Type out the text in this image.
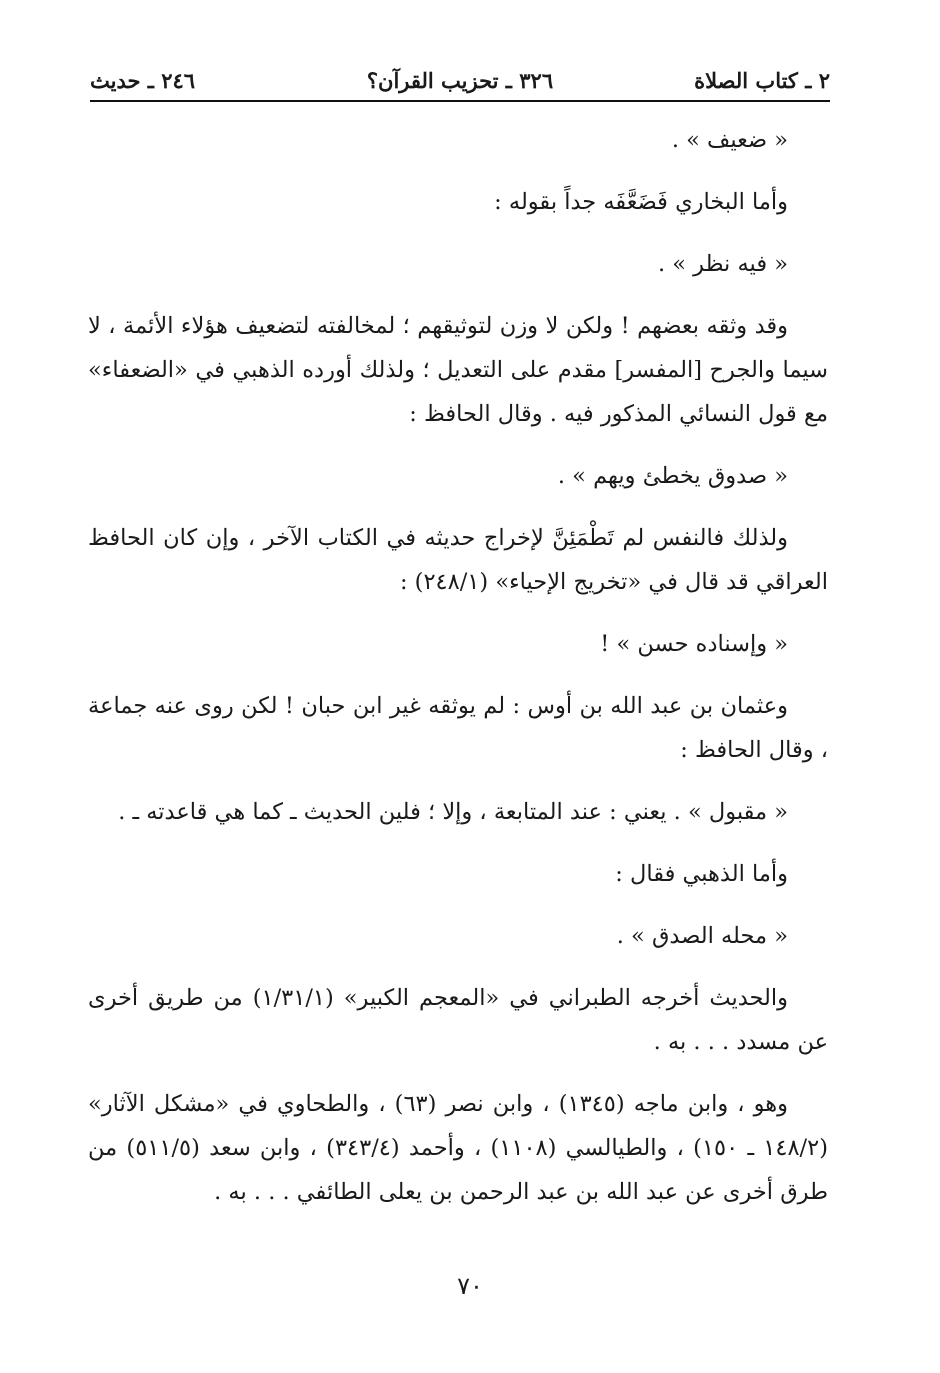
٢ ـ كتاب الصلاة
٣٢٦ ـ تحزيب القرآن؟
٢٤٦ ـ حديث

« ضعيف » .

وأما البخاري فَضَعَّفَه جداً بقوله :

« فيه نظر » .

وقد وثقه بعضهم ! ولكن لا وزن لتوثيقهم ؛ لمخالفته لتضعيف هؤلاء الأئمة ، لا سيما والجرح [المفسر] مقدم على التعديل ؛ ولذلك أورده الذهبي في «الضعفاء» مع قول النسائي المذكور فيه . وقال الحافظ :

« صدوق يخطئ ويهم » .

ولذلك فالنفس لم تَطْمَئِنَّ لإخراج حديثه في الكتاب الآخر ، وإن كان الحافظ العراقي قد قال في «تخريج الإحياء» (٢٤٨/١) :

« وإسناده حسن » !

وعثمان بن عبد الله بن أوس : لم يوثقه غير ابن حبان ! لكن روى عنه جماعة ، وقال الحافظ :

« مقبول » . يعني : عند المتابعة ، وإلا ؛ فلين الحديث ـ كما هي قاعدته ـ .

وأما الذهبي فقال :

« محله الصدق » .

والحديث أخرجه الطبراني في «المعجم الكبير» (١/٣١/١) من طريق أخرى عن مسدد . . . به .

وهو ، وابن ماجه (١٣٤٥) ، وابن نصر (٦٣) ، والطحاوي في «مشكل الآثار» (١٤٨/٢ ـ ١٥٠) ، والطيالسي (١١٠٨) ، وأحمد (٣٤٣/٤) ، وابن سعد (٥١١/٥) من طرق أخرى عن عبد الله بن عبد الرحمن بن يعلى الطائفي . . . به .

٧٠
